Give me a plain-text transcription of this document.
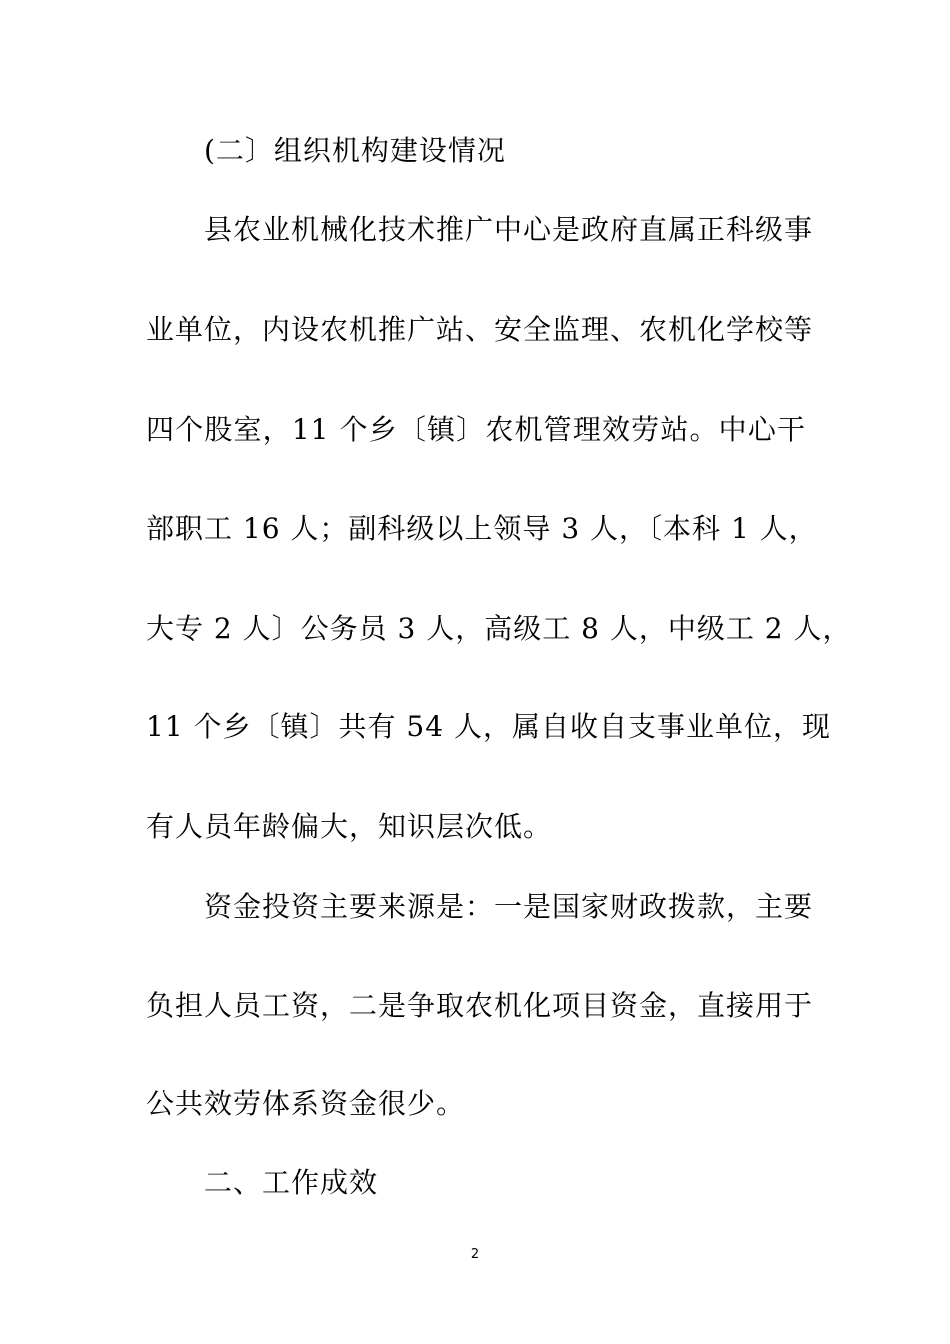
(二〕组织机构建设情况
县农业机械化技术推广中心是政府直属正科级事
业单位，内设农机推广站、安全监理、农机化学校等
四个股室，11 个乡〔镇〕农机管理效劳站。中心干
部职工 16 人；副科级以上领导 3 人，〔本科 1 人，
大专 2 人〕公务员 3 人，高级工 8 人，中级工 2 人，
11 个乡〔镇〕共有 54 人，属自收自支事业单位，现
有人员年龄偏大，知识层次低。
资金投资主要来源是：一是国家财政拨款，主要
负担人员工资，二是争取农机化项目资金，直接用于
公共效劳体系资金很少。
二、工作成效
2
